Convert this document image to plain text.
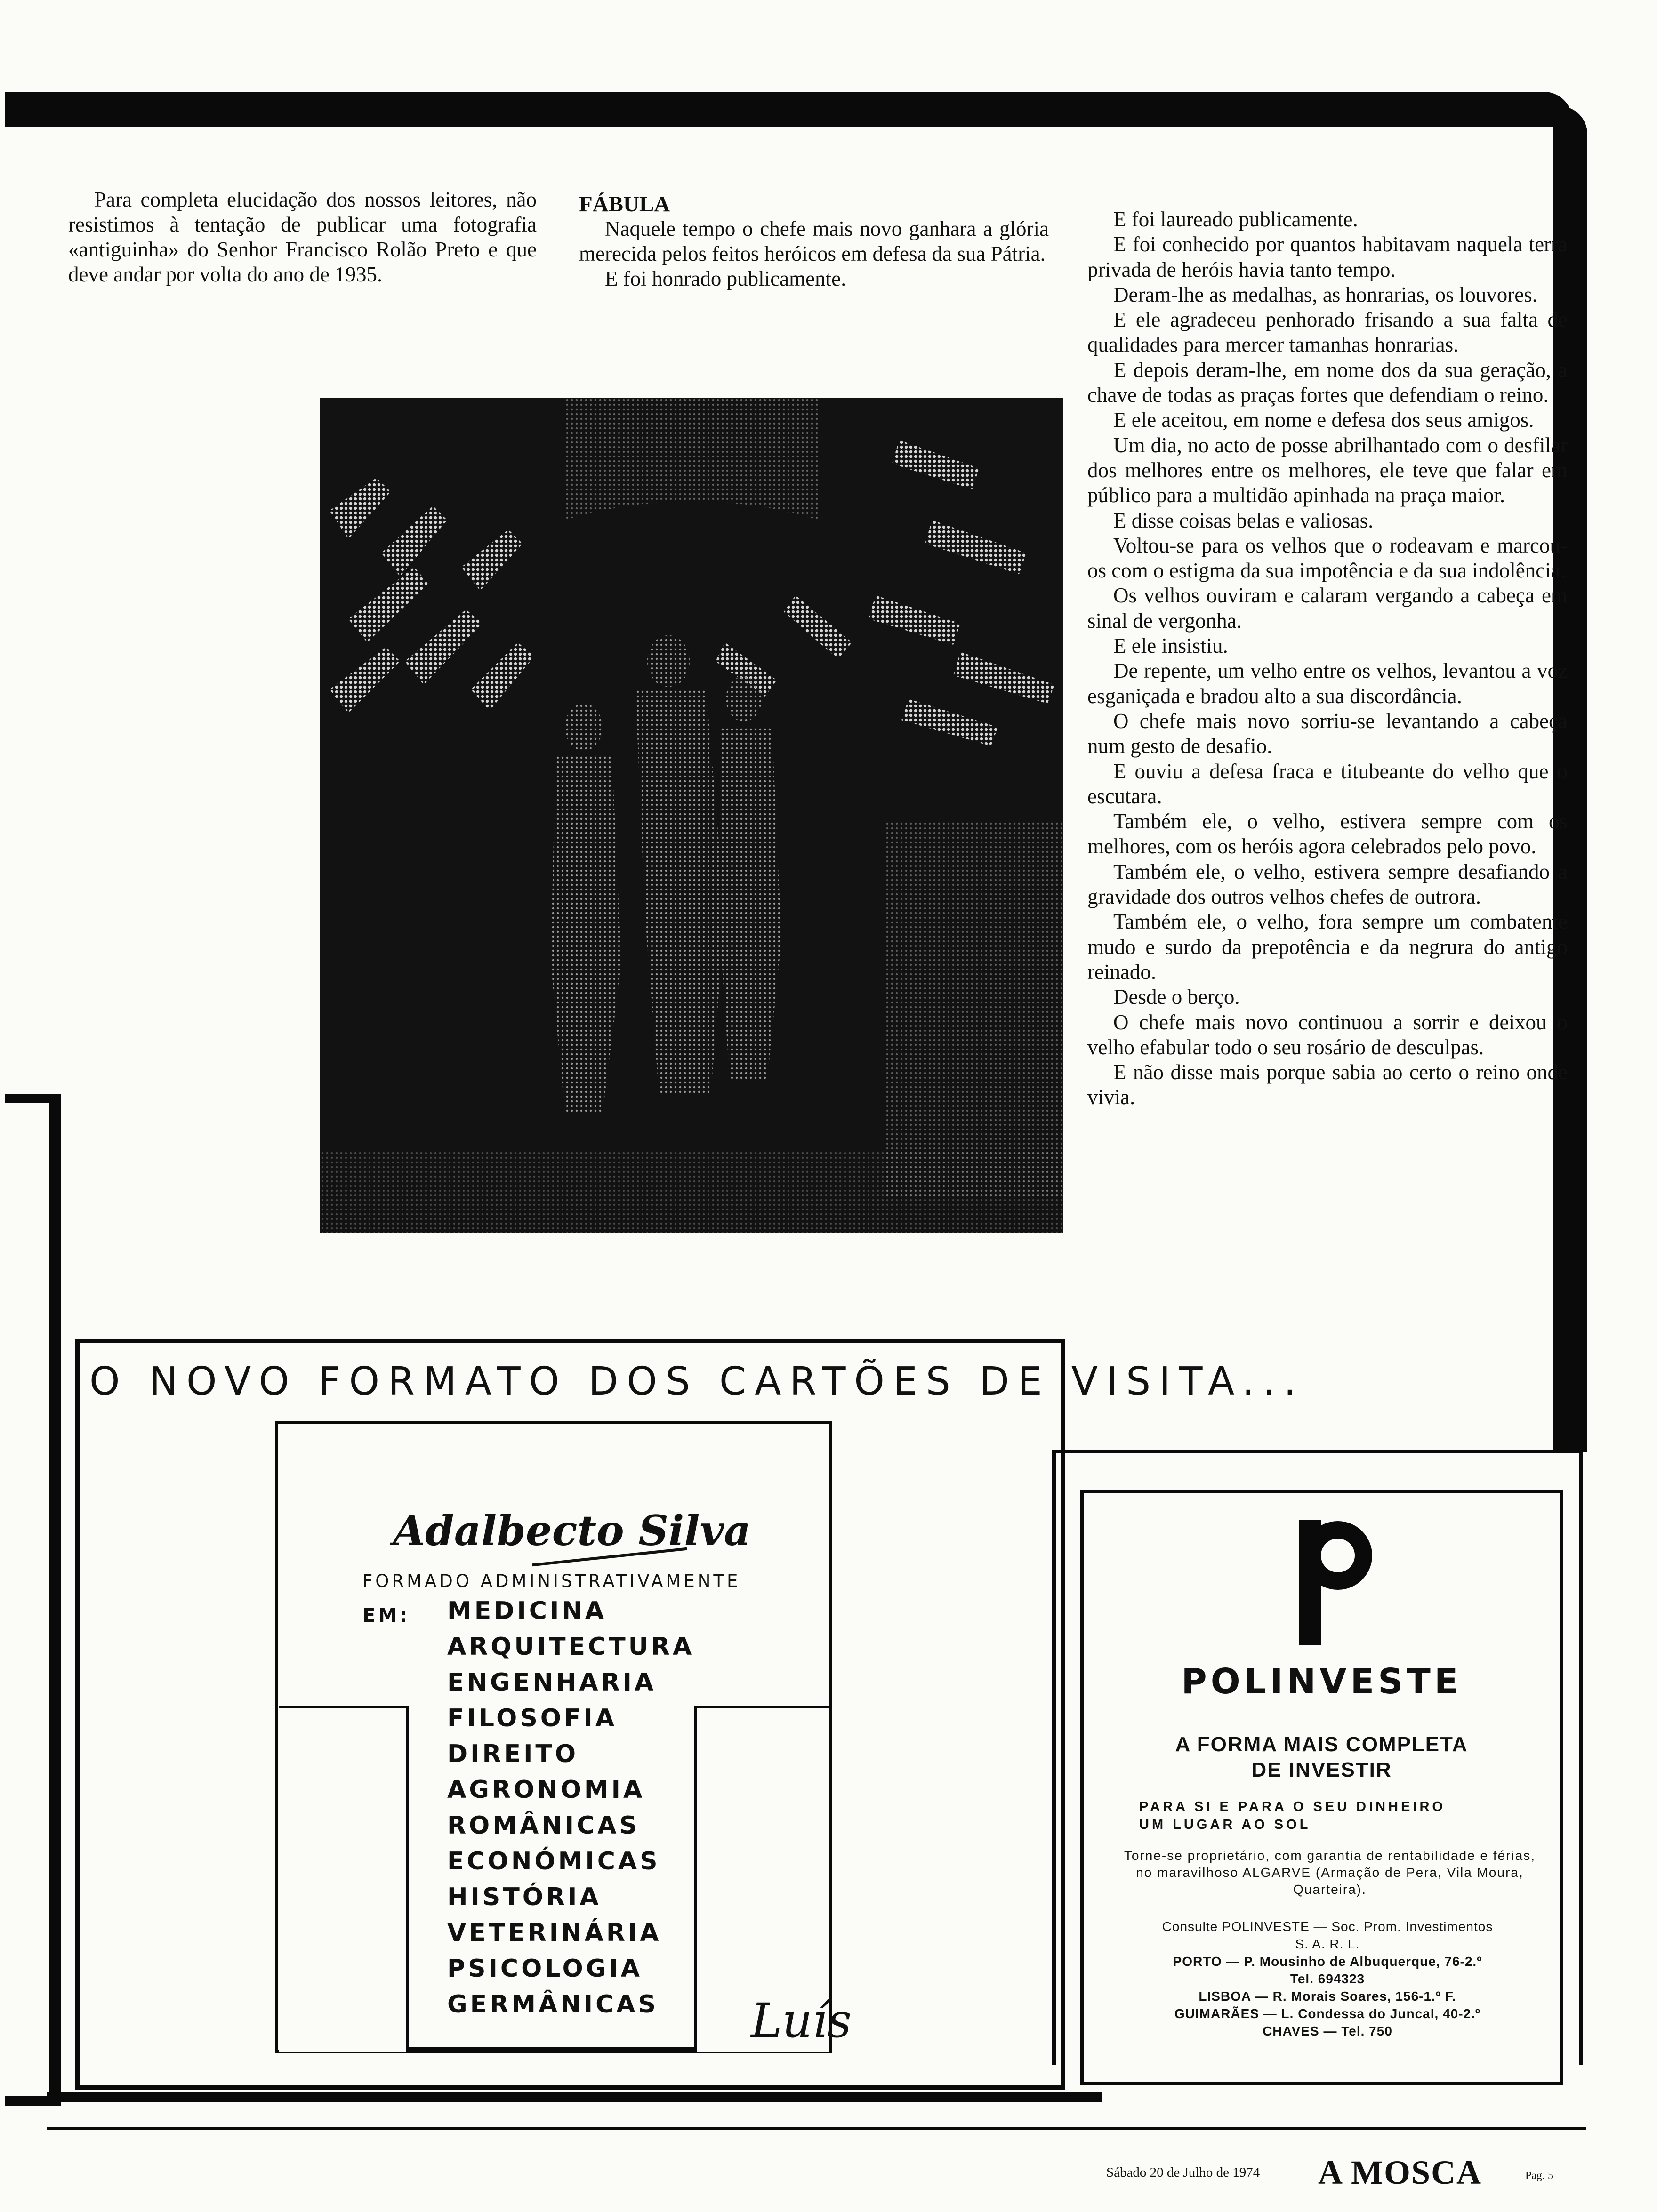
Para completa elucidação dos nossos leitores, não resistimos à tentação de publicar uma fotografia «antiguinha» do Senhor Francisco Rolão Preto e que deve andar por volta do ano de 1935.

FÁBULA

Naquele tempo o chefe mais novo ganhara a glória merecida pelos feitos heróicos em defesa da sua Pátria.

E foi honrado publicamente.

E foi laureado publicamente.

E foi conhecido por quantos habitavam naquela terra privada de heróis havia tanto tempo.

Deram-lhe as medalhas, as honrarias, os louvores.

E ele agradeceu penhorado frisando a sua falta de qualidades para mercer tamanhas honrarias.

E depois deram-lhe, em nome dos da sua geração, a chave de todas as praças fortes que defendiam o reino.

E ele aceitou, em nome e defesa dos seus amigos.

Um dia, no acto de posse abrilhantado com o desfilar dos melhores entre os melhores, ele teve que falar em público para a multidão apinhada na praça maior.

E disse coisas belas e valiosas.

Voltou-se para os velhos que o rodeavam e marcou-os com o estigma da sua impotência e da sua indolência.

Os velhos ouviram e calaram vergando a cabeça em sinal de vergonha.

E ele insistiu.

De repente, um velho entre os velhos, levantou a voz esganiçada e bradou alto a sua discordância.

O chefe mais novo sorriu-se levantando a cabeça num gesto de desafio.

E ouviu a defesa fraca e titubeante do velho que o escutara.

Também ele, o velho, estivera sempre com os melhores, com os heróis agora celebrados pelo povo.

Também ele, o velho, estivera sempre desafiando a gravidade dos outros velhos chefes de outrora.

Também ele, o velho, fora sempre um combatente mudo e surdo da prepotência e da negrura do antigo reinado.

Desde o berço.

O chefe mais novo continuou a sorrir e deixou o velho efabular todo o seu rosário de desculpas.

E não disse mais porque sabia ao certo o reino onde vivia.

O NOVO FORMATO DOS CARTÕES DE VISITA...
Adalbecto Silva
FORMADO ADMINISTRATIVAMENTE
EM: MEDICINA
ARQUITECTURA
ENGENHARIA
FILOSOFIA
DIREITO
AGRONOMIA
ROMÂNICAS
ECONÓMICAS
HISTÓRIA
VETERINÁRIA
PSICOLOGIA
GERMÂNICAS	Luís
POLINVESTE
A FORMA MAIS COMPLETA
DE INVESTIR
PARA SI E PARA O SEU DINHEIRO
UM LUGAR AO SOL
Torne-se proprietário, com garantia de rentabilidade e férias, no maravilhoso ALGARVE (Armação de Pera, Vila Moura, Quarteira).
Consulte POLINVESTE — Soc. Prom. Investimentos
S. A. R. L.
PORTO — P. Mousinho de Albuquerque, 76-2.º
Tel. 694323
LISBOA — R. Morais Soares, 156-1.º F.
GUIMARÃES — L. Condessa do Juncal, 40-2.º
CHAVES — Tel. 750
Sábado 20 de Julho de 1974 A MOSCA	Pag. 5
